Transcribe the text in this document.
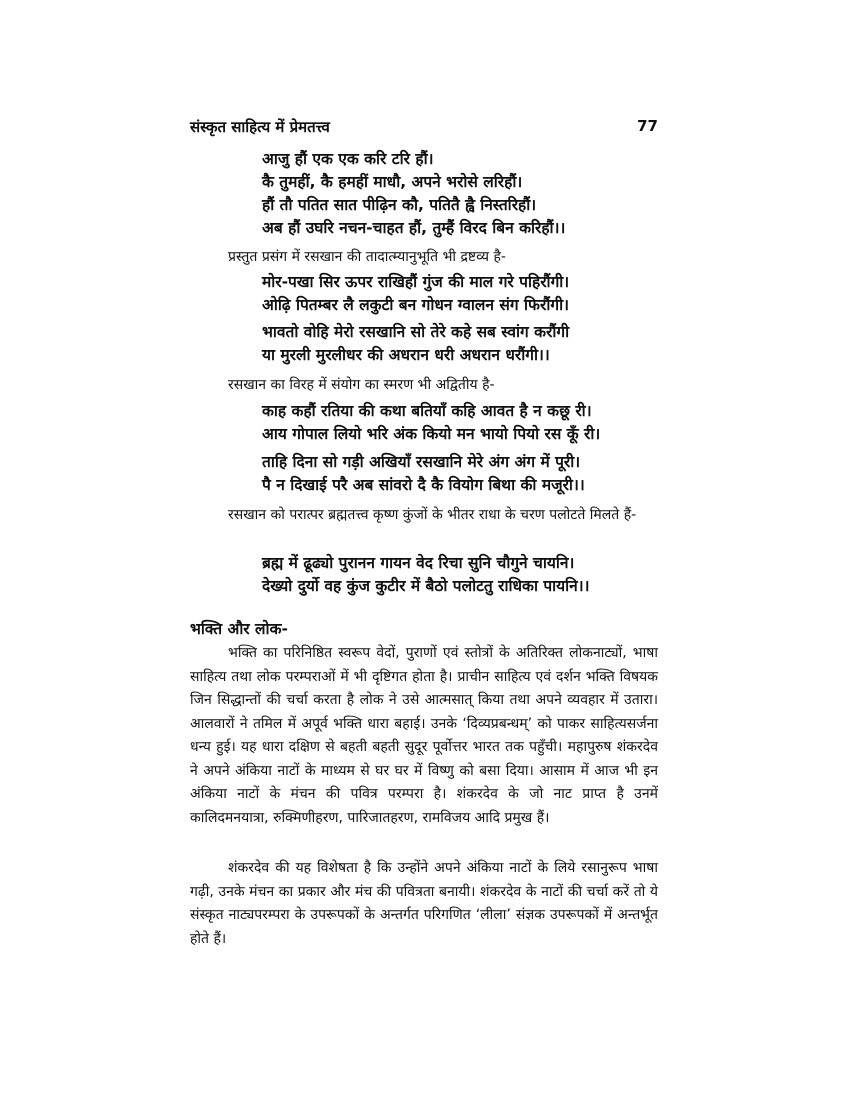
संस्कृत साहित्य में प्रेमतत्त्व	77
आजु हौं एक एक करि टरि हौं।
कै तुमहीं, कै हमहीं माधौ, अपने भरोसे लरिहौं।
हौं तौ पतित सात पीढ़िन कौ, पतितै ह्वै निस्तरिहौं।
अब हौं उघरि नचन-चाहत हौं, तुम्हैं विरद बिन करिहौं।।
प्रस्तुत प्रसंग में रसखान की तादात्म्यानुभूति भी द्रष्टव्य है-
मोर-पखा सिर ऊपर राखिहौं गुंज की माल गरे पहिरौंगी।
ओढ़ि पितम्बर लै लकुटी बन गोधन ग्वालन संग फिरौंगी।
भावतो वोहि मेरो रसखानि सो तेरे कहे सब स्वांग करौंगी
या मुरली मुरलीधर की अधरान धरी अधरान धरौंगी।।
रसखान का विरह में संयोग का स्मरण भी अद्वितीय है-
काह कहौं रतिया की कथा बतियाँ कहि आवत है न कछू री।
आय गोपाल लियो भरि अंक कियो मन भायो पियो रस कूँ री।
ताहि दिना सो गड़ी अखियाँ रसखानि मेरे अंग अंग में पूरी।
पै न दिखाई परै अब सांवरो दै कै वियोग बिथा की मजूरी।।
रसखान को परात्पर ब्रह्मतत्त्व कृष्ण कुंजों के भीतर राधा के चरण पलोटते मिलते हैं-
ब्रह्म में ढूढ्यो पुरानन गायन वेद रिचा सुनि चौगुने चायनि।
देख्यो दुर्यो वह कुंज कुटीर में बैठो पलोटतु राधिका पायनि।।
भक्ति और लोक-
भक्ति का परिनिष्ठित स्वरूप वेदों, पुराणों एवं स्तोत्रों के अतिरिक्त लोकनाट्यों, भाषा साहित्य तथा लोक परम्पराओं में भी दृष्टिगत होता है। प्राचीन साहित्य एवं दर्शन भक्ति विषयक जिन सिद्धान्तों की चर्चा करता है लोक ने उसे आत्मसात् किया तथा अपने व्यवहार में उतारा। आलवारों ने तमिल में अपूर्व भक्ति धारा बहाई। उनके ‘दिव्यप्रबन्धम्’ को पाकर साहित्यसर्जना धन्य हुई। यह धारा दक्षिण से बहती बहती सुदूर पूर्वोत्तर भारत तक पहुँची। महापुरुष शंकरदेव ने अपने अंकिया नाटों के माध्यम से घर घर में विष्णु को बसा दिया। आसाम में आज भी इन अंकिया नाटों के मंचन की पवित्र परम्परा है। शंकरदेव के जो नाट प्राप्त है उनमें कालिदमनयात्रा, रुक्मिणीहरण, पारिजातहरण, रामविजय आदि प्रमुख हैं।
शंकरदेव की यह विशेषता है कि उन्होंने अपने अंकिया नाटों के लिये रसानुरूप भाषा गढ़ी, उनके मंचन का प्रकार और मंच की पवित्रता बनायी। शंकरदेव के नाटों की चर्चा करें तो ये संस्कृत नाट्यपरम्परा के उपरूपकों के अन्तर्गत परिगणित ‘लीला’ संज्ञक उपरूपकों में अन्तर्भूत होते हैं।
